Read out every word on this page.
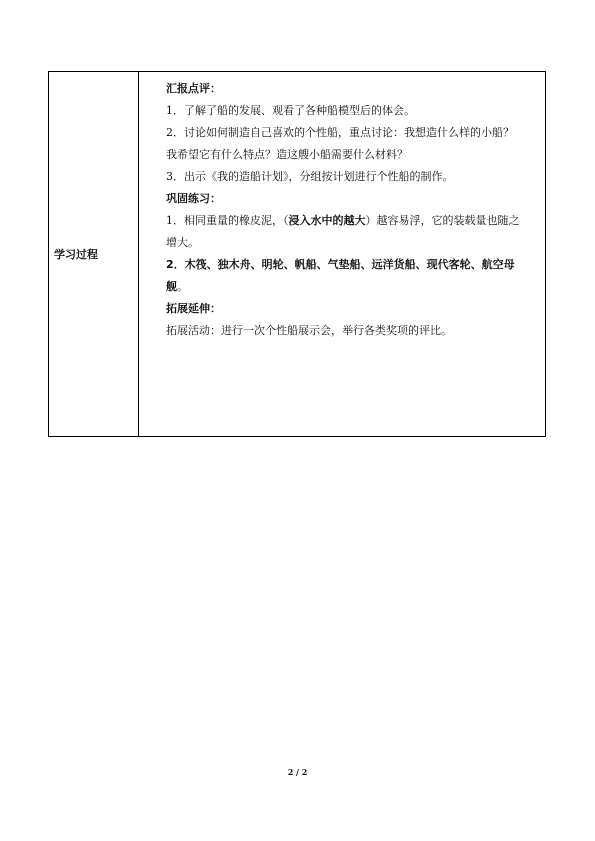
学习过程
汇报点评：
1．了解了船的发展、观看了各种船模型后的体会。
2．讨论如何制造自己喜欢的个性船，重点讨论：我想造什么样的小船？我希望它有什么特点？造这艘小船需要什么材料？
3．出示《我的造船计划》，分组按计划进行个性船的制作。
巩固练习：
1．相同重量的橡皮泥，（浸入水中的越大）越容易浮，它的装载量也随之增大。
2．木筏、独木舟、明轮、帆船、气垫船、远洋货船、现代客轮、航空母舰。
拓展延伸：
拓展活动：进行一次个性船展示会，举行各类奖项的评比。
2 / 2
